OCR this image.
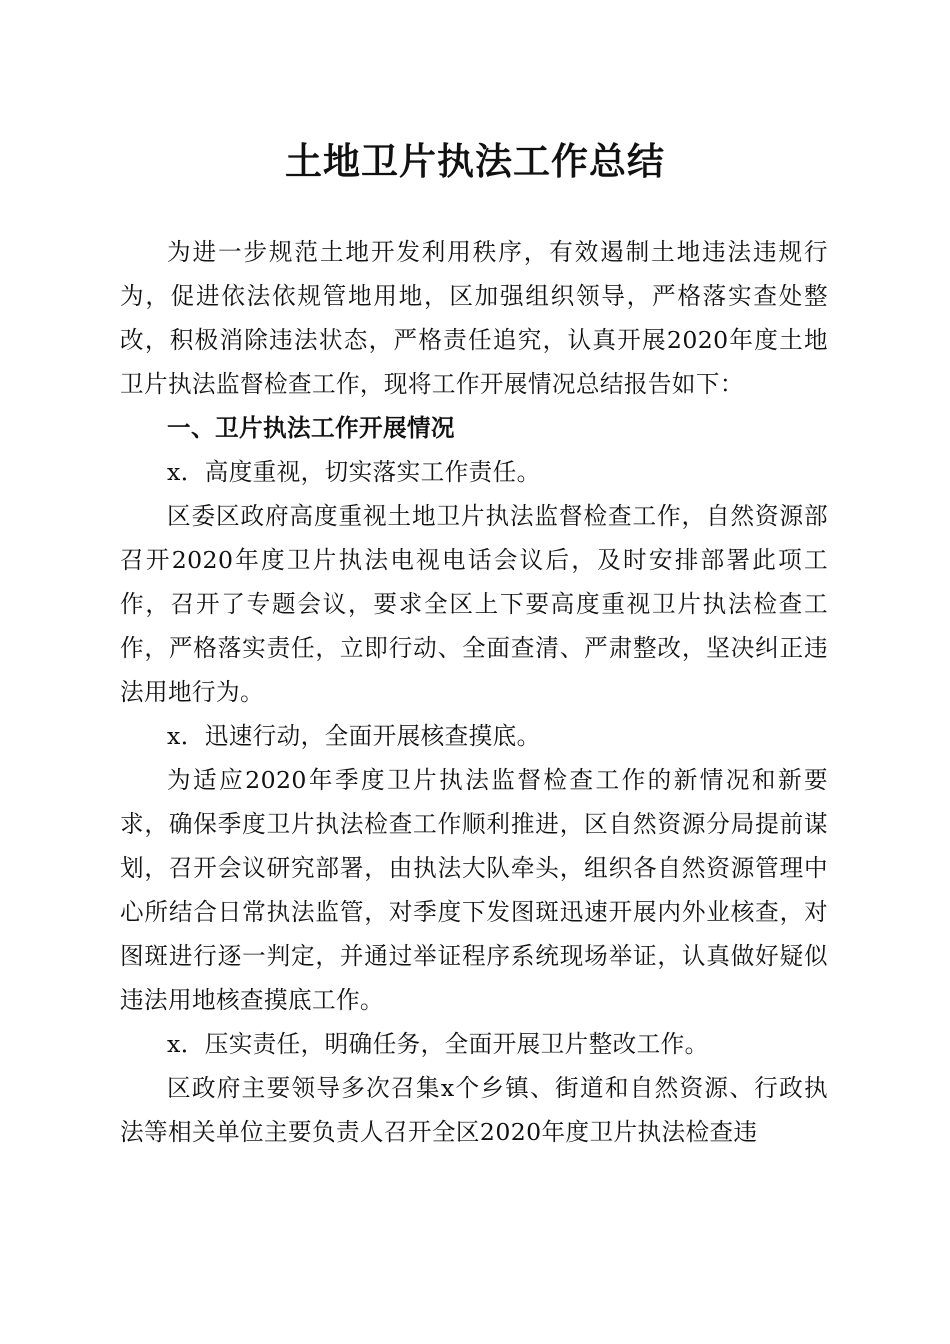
土地卫片执法工作总结

为进一步规范土地开发利用秩序，有效遏制土地违法违规行为，促进依法依规管地用地，区加强组织领导，严格落实查处整改，积极消除违法状态，严格责任追究，认真开展2020年度土地卫片执法监督检查工作，现将工作开展情况总结报告如下：

一、卫片执法工作开展情况

x．高度重视，切实落实工作责任。

区委区政府高度重视土地卫片执法监督检查工作，自然资源部召开2020年度卫片执法电视电话会议后，及时安排部署此项工作，召开了专题会议，要求全区上下要高度重视卫片执法检查工作，严格落实责任，立即行动、全面查清、严肃整改，坚决纠正违法用地行为。

x．迅速行动，全面开展核查摸底。

为适应2020年季度卫片执法监督检查工作的新情况和新要求，确保季度卫片执法检查工作顺利推进，区自然资源分局提前谋划，召开会议研究部署，由执法大队牵头，组织各自然资源管理中心所结合日常执法监管，对季度下发图斑迅速开展内外业核查，对图斑进行逐一判定，并通过举证程序系统现场举证，认真做好疑似违法用地核查摸底工作。

x．压实责任，明确任务，全面开展卫片整改工作。

区政府主要领导多次召集x个乡镇、街道和自然资源、行政执法等相关单位主要负责人召开全区2020年度卫片执法检查违
